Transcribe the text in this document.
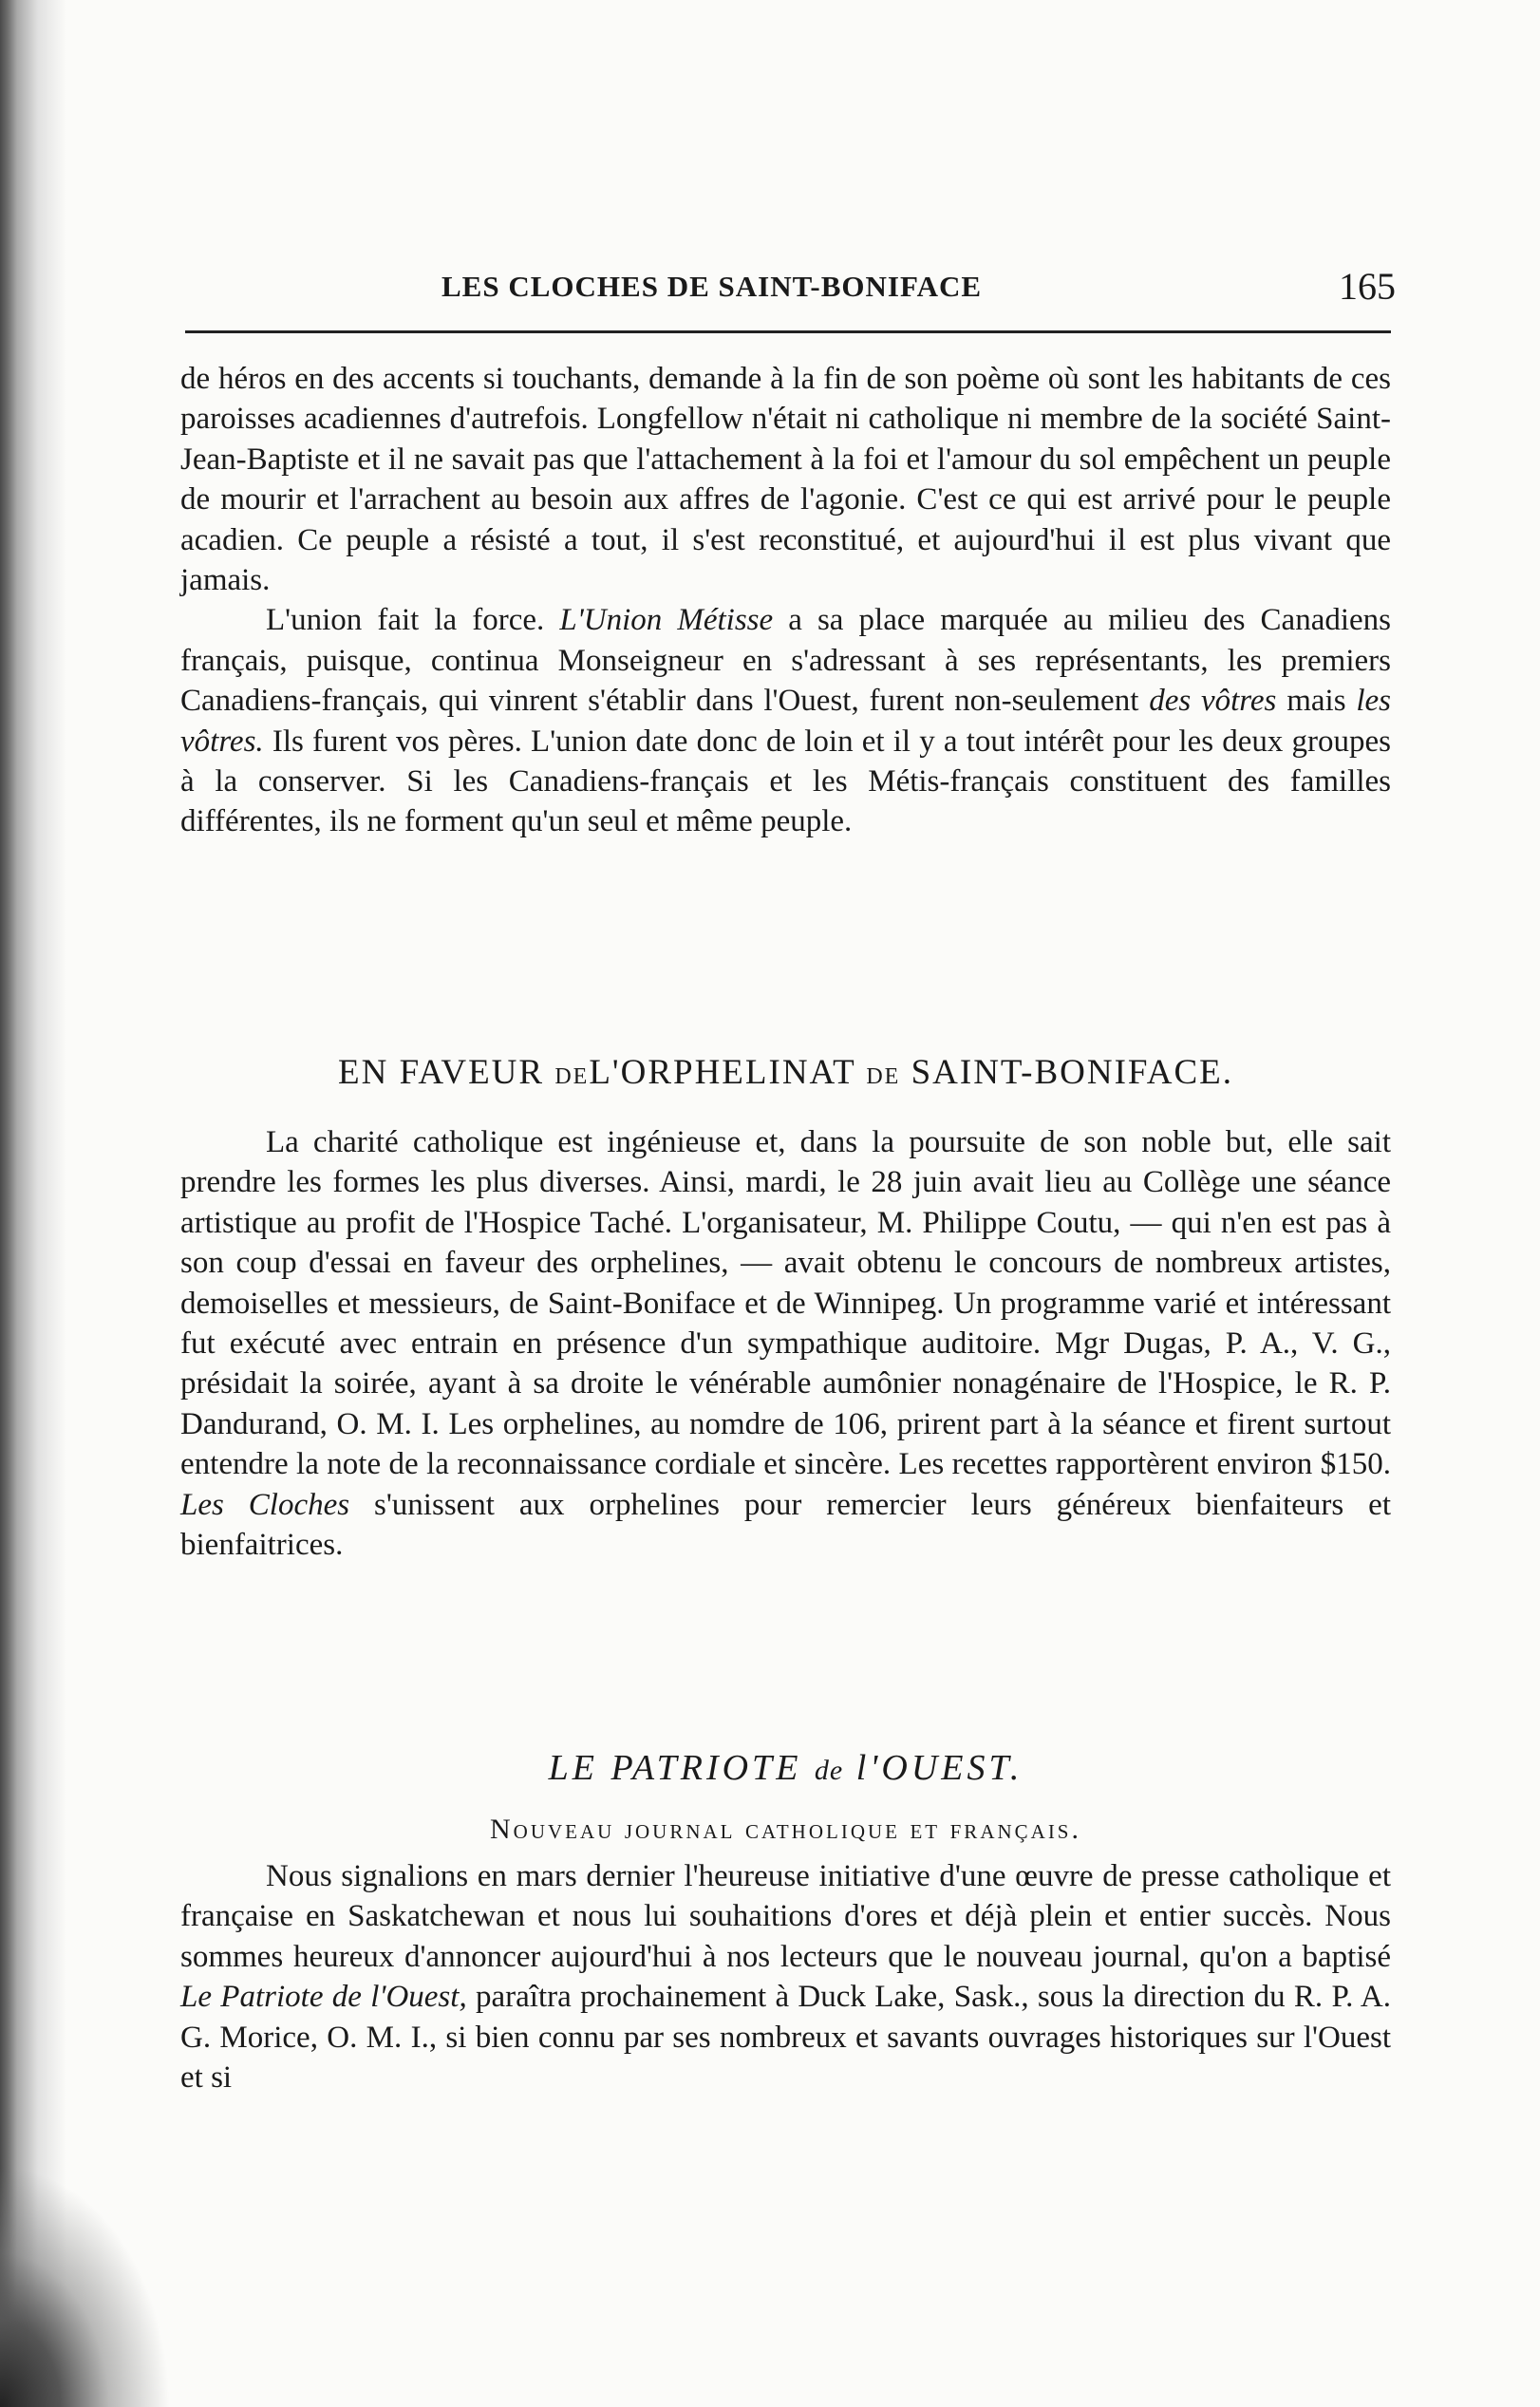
LES CLOCHES DE SAINT-BONIFACE	165

de héros en des accents si touchants, demande à la fin de son poème où sont les habitants de ces paroisses acadiennes d'autrefois. Longfellow n'était ni catholique ni membre de la société Saint-Jean-Baptiste et il ne savait pas que l'attachement à la foi et l'amour du sol empêchent un peuple de mourir et l'arrachent au besoin aux affres de l'agonie. C'est ce qui est arrivé pour le peuple acadien. Ce peuple a résisté a tout, il s'est reconstitué, et aujourd'hui il est plus vivant que jamais.

L'union fait la force. L'Union Métisse a sa place marquée au milieu des Canadiens français, puisque, continua Monseigneur en s'adressant à ses représentants, les premiers Canadiens-français, qui vinrent s'établir dans l'Ouest, furent non-seulement des vôtres mais les vôtres. Ils furent vos pères. L'union date donc de loin et il y a tout intérêt pour les deux groupes à la conserver. Si les Canadiens-français et les Métis-français constituent des familles différentes, ils ne forment qu'un seul et même peuple.

EN FAVEUR DEL'ORPHELINAT DE SAINT-BONIFACE.

La charité catholique est ingénieuse et, dans la poursuite de son noble but, elle sait prendre les formes les plus diverses. Ainsi, mardi, le 28 juin avait lieu au Collège une séance artistique au profit de l'Hospice Taché. L'organisateur, M. Philippe Coutu, — qui n'en est pas à son coup d'essai en faveur des orphelines, — avait obtenu le concours de nombreux artistes, demoiselles et messieurs, de Saint-Boniface et de Winnipeg. Un programme varié et intéressant fut exécuté avec entrain en présence d'un sympathique auditoire. Mgr Dugas, P. A., V. G., présidait la soirée, ayant à sa droite le vénérable aumônier nonagénaire de l'Hospice, le R. P. Dandurand, O. M. I. Les orphelines, au nomdre de 106, prirent part à la séance et firent surtout entendre la note de la reconnaissance cordiale et sincère. Les recettes rapportèrent environ $150. Les Cloches s'unissent aux orphelines pour remercier leurs généreux bienfaiteurs et bienfaitrices.

LE PATRIOTE de l'OUEST.
Nouveau journal catholique et français.

Nous signalions en mars dernier l'heureuse initiative d'une œuvre de presse catholique et française en Saskatchewan et nous lui souhaitions d'ores et déjà plein et entier succès. Nous sommes heureux d'annoncer aujourd'hui à nos lecteurs que le nouveau journal, qu'on a baptisé Le Patriote de l'Ouest, paraîtra prochainement à Duck Lake, Sask., sous la direction du R. P. A. G. Morice, O. M. I., si bien connu par ses nombreux et savants ouvrages historiques sur l'Ouest et si
